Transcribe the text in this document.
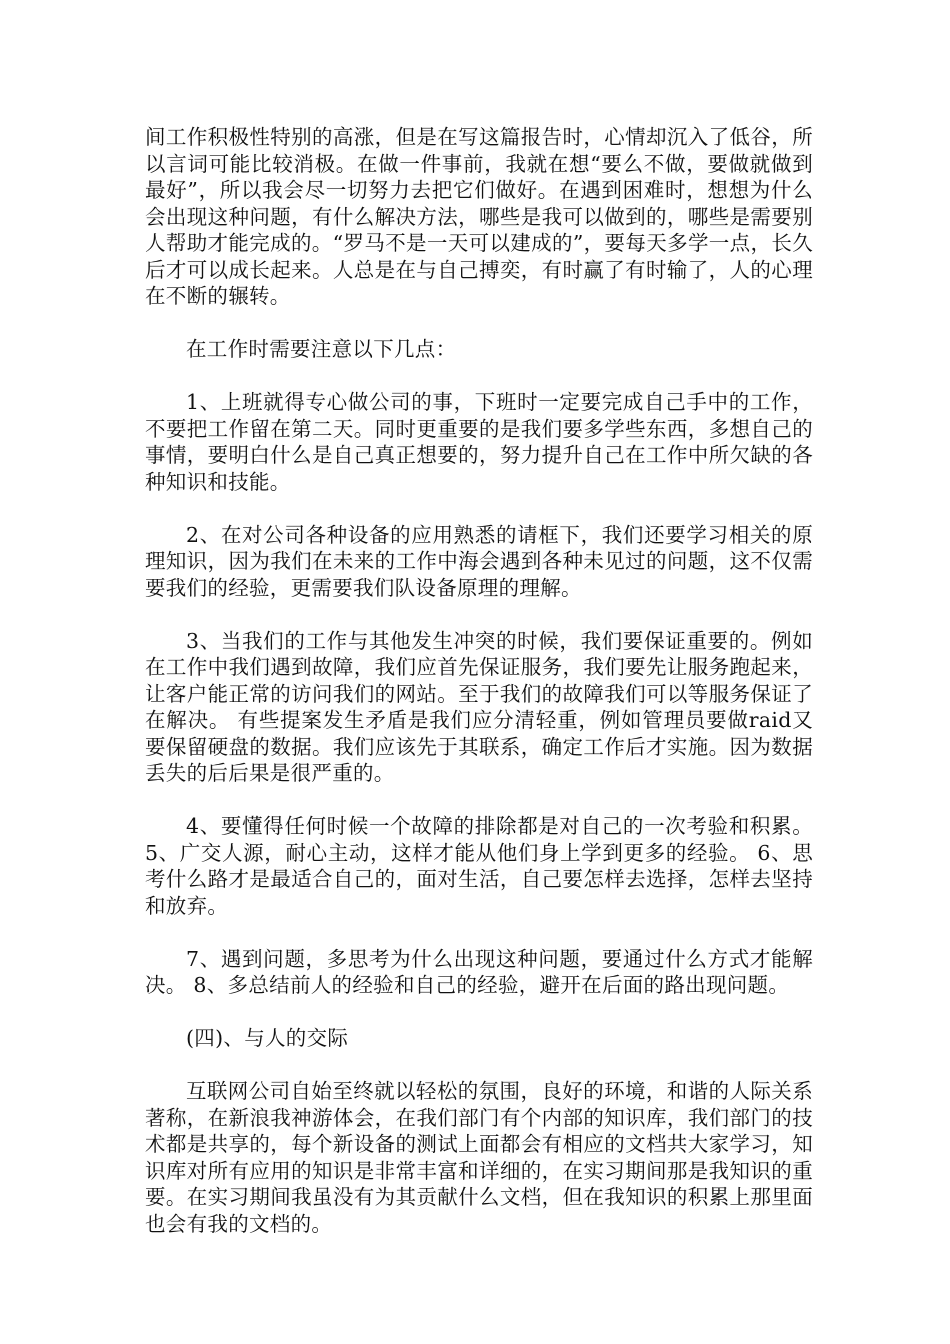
间工作积极性特别的高涨，但是在写这篇报告时，心情却沉入了低谷，所以言词可能比较消极。在做一件事前，我就在想“要么不做，要做就做到最好”，所以我会尽一切努力去把它们做好。在遇到困难时，想想为什么会出现这种问题，有什么解决方法，哪些是我可以做到的，哪些是需要别人帮助才能完成的。“罗马不是一天可以建成的”，要每天多学一点，长久后才可以成长起来。人总是在与自己搏奕，有时赢了有时输了，人的心理在不断的辗转。

在工作时需要注意以下几点：

1、上班就得专心做公司的事，下班时一定要完成自己手中的工作，不要把工作留在第二天。同时更重要的是我们要多学些东西，多想自己的事情，要明白什么是自己真正想要的，努力提升自己在工作中所欠缺的各种知识和技能。

2、在对公司各种设备的应用熟悉的请框下，我们还要学习相关的原理知识，因为我们在未来的工作中海会遇到各种未见过的问题，这不仅需要我们的经验，更需要我们队设备原理的理解。

3、当我们的工作与其他发生冲突的时候，我们要保证重要的。例如在工作中我们遇到故障，我们应首先保证服务，我们要先让服务跑起来，让客户能正常的访问我们的网站。至于我们的故障我们可以等服务保证了在解决。 有些提案发生矛盾是我们应分清轻重，例如管理员要做raid又要保留硬盘的数据。我们应该先于其联系，确定工作后才实施。因为数据丢失的后后果是很严重的。

4、要懂得任何时候一个故障的排除都是对自己的一次考验和积累。 5、广交人源，耐心主动，这样才能从他们身上学到更多的经验。 6、思考什么路才是最适合自己的，面对生活，自己要怎样去选择，怎样去坚持和放弃。

7、遇到问题，多思考为什么出现这种问题，要通过什么方式才能解决。 8、多总结前人的经验和自己的经验，避开在后面的路出现问题。

(四)、与人的交际

互联网公司自始至终就以轻松的氛围，良好的环境，和谐的人际关系著称，在新浪我神游体会，在我们部门有个内部的知识库，我们部门的技术都是共享的，每个新设备的测试上面都会有相应的文档共大家学习，知识库对所有应用的知识是非常丰富和详细的，在实习期间那是我知识的重要。在实习期间我虽没有为其贡献什么文档，但在我知识的积累上那里面也会有我的文档的。
